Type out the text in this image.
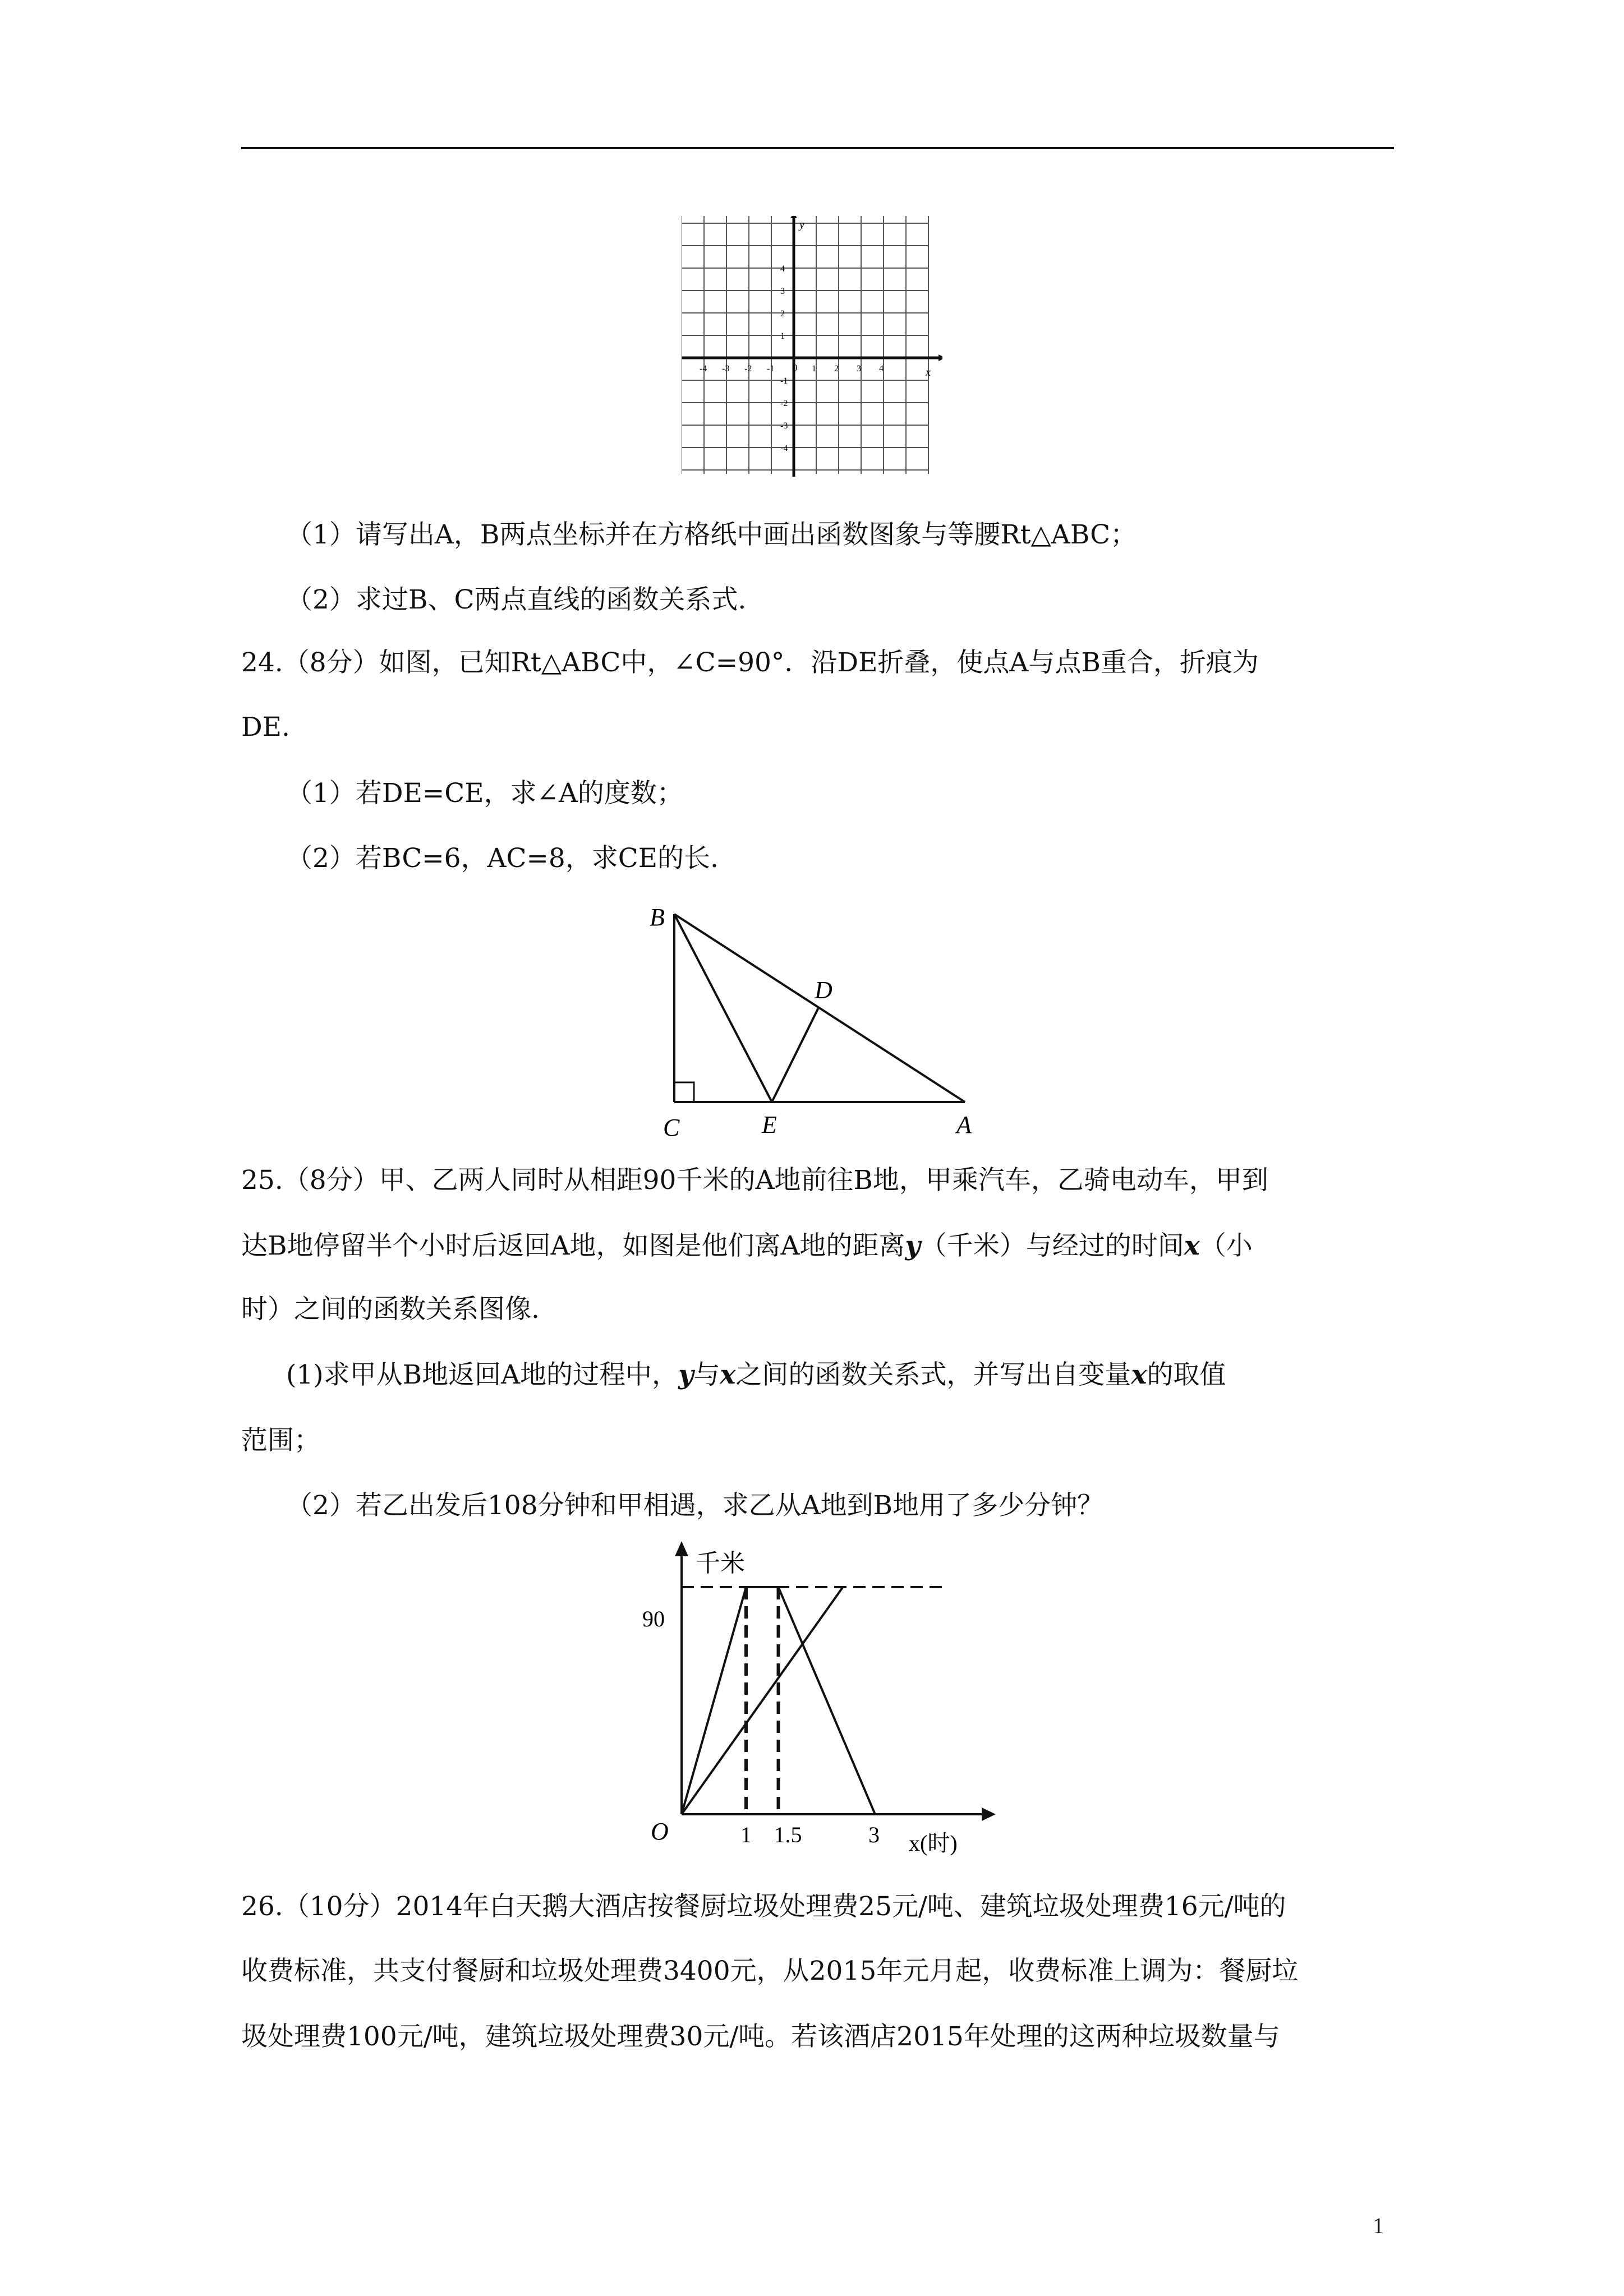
x
y
0
-4 -3 -2 -1	1 2 3 4
4
3
2
1
-1
-2
-3
-4
（1）请写出A，B两点坐标并在方格纸中画出函数图象与等腰Rt△ABC；
（2）求过B、C两点直线的函数关系式.
24.（8分）如图，已知Rt△ABC中，∠C=90°．沿DE折叠，使点A与点B重合，折痕为
DE.
（1）若DE=CE，求∠A的度数；
（2）若BC=6，AC=8，求CE的长.
B
C
D
E	A
25.（8分）甲、乙两人同时从相距90千米的A地前往B地，甲乘汽车，乙骑电动车，甲到
达B地停留半个小时后返回A地，如图是他们离A地的距离y（千米）与经过的时间x（小
时）之间的函数关系图像.
(1)求甲从B地返回A地的过程中，y与x之间的函数关系式，并写出自变量x的取值
范围；
（2）若乙出发后108分钟和甲相遇，求乙从A地到B地用了多少分钟？
千米
x(时)
O
90
1 1.5	3
26.（10分）2014年白天鹅大酒店按餐厨垃圾处理费25元/吨、建筑垃圾处理费16元/吨的
收费标准，共支付餐厨和垃圾处理费3400元，从2015年元月起，收费标准上调为：餐厨垃
圾处理费100元/吨，建筑垃圾处理费30元/吨。若该酒店2015年处理的这两种垃圾数量与
1
